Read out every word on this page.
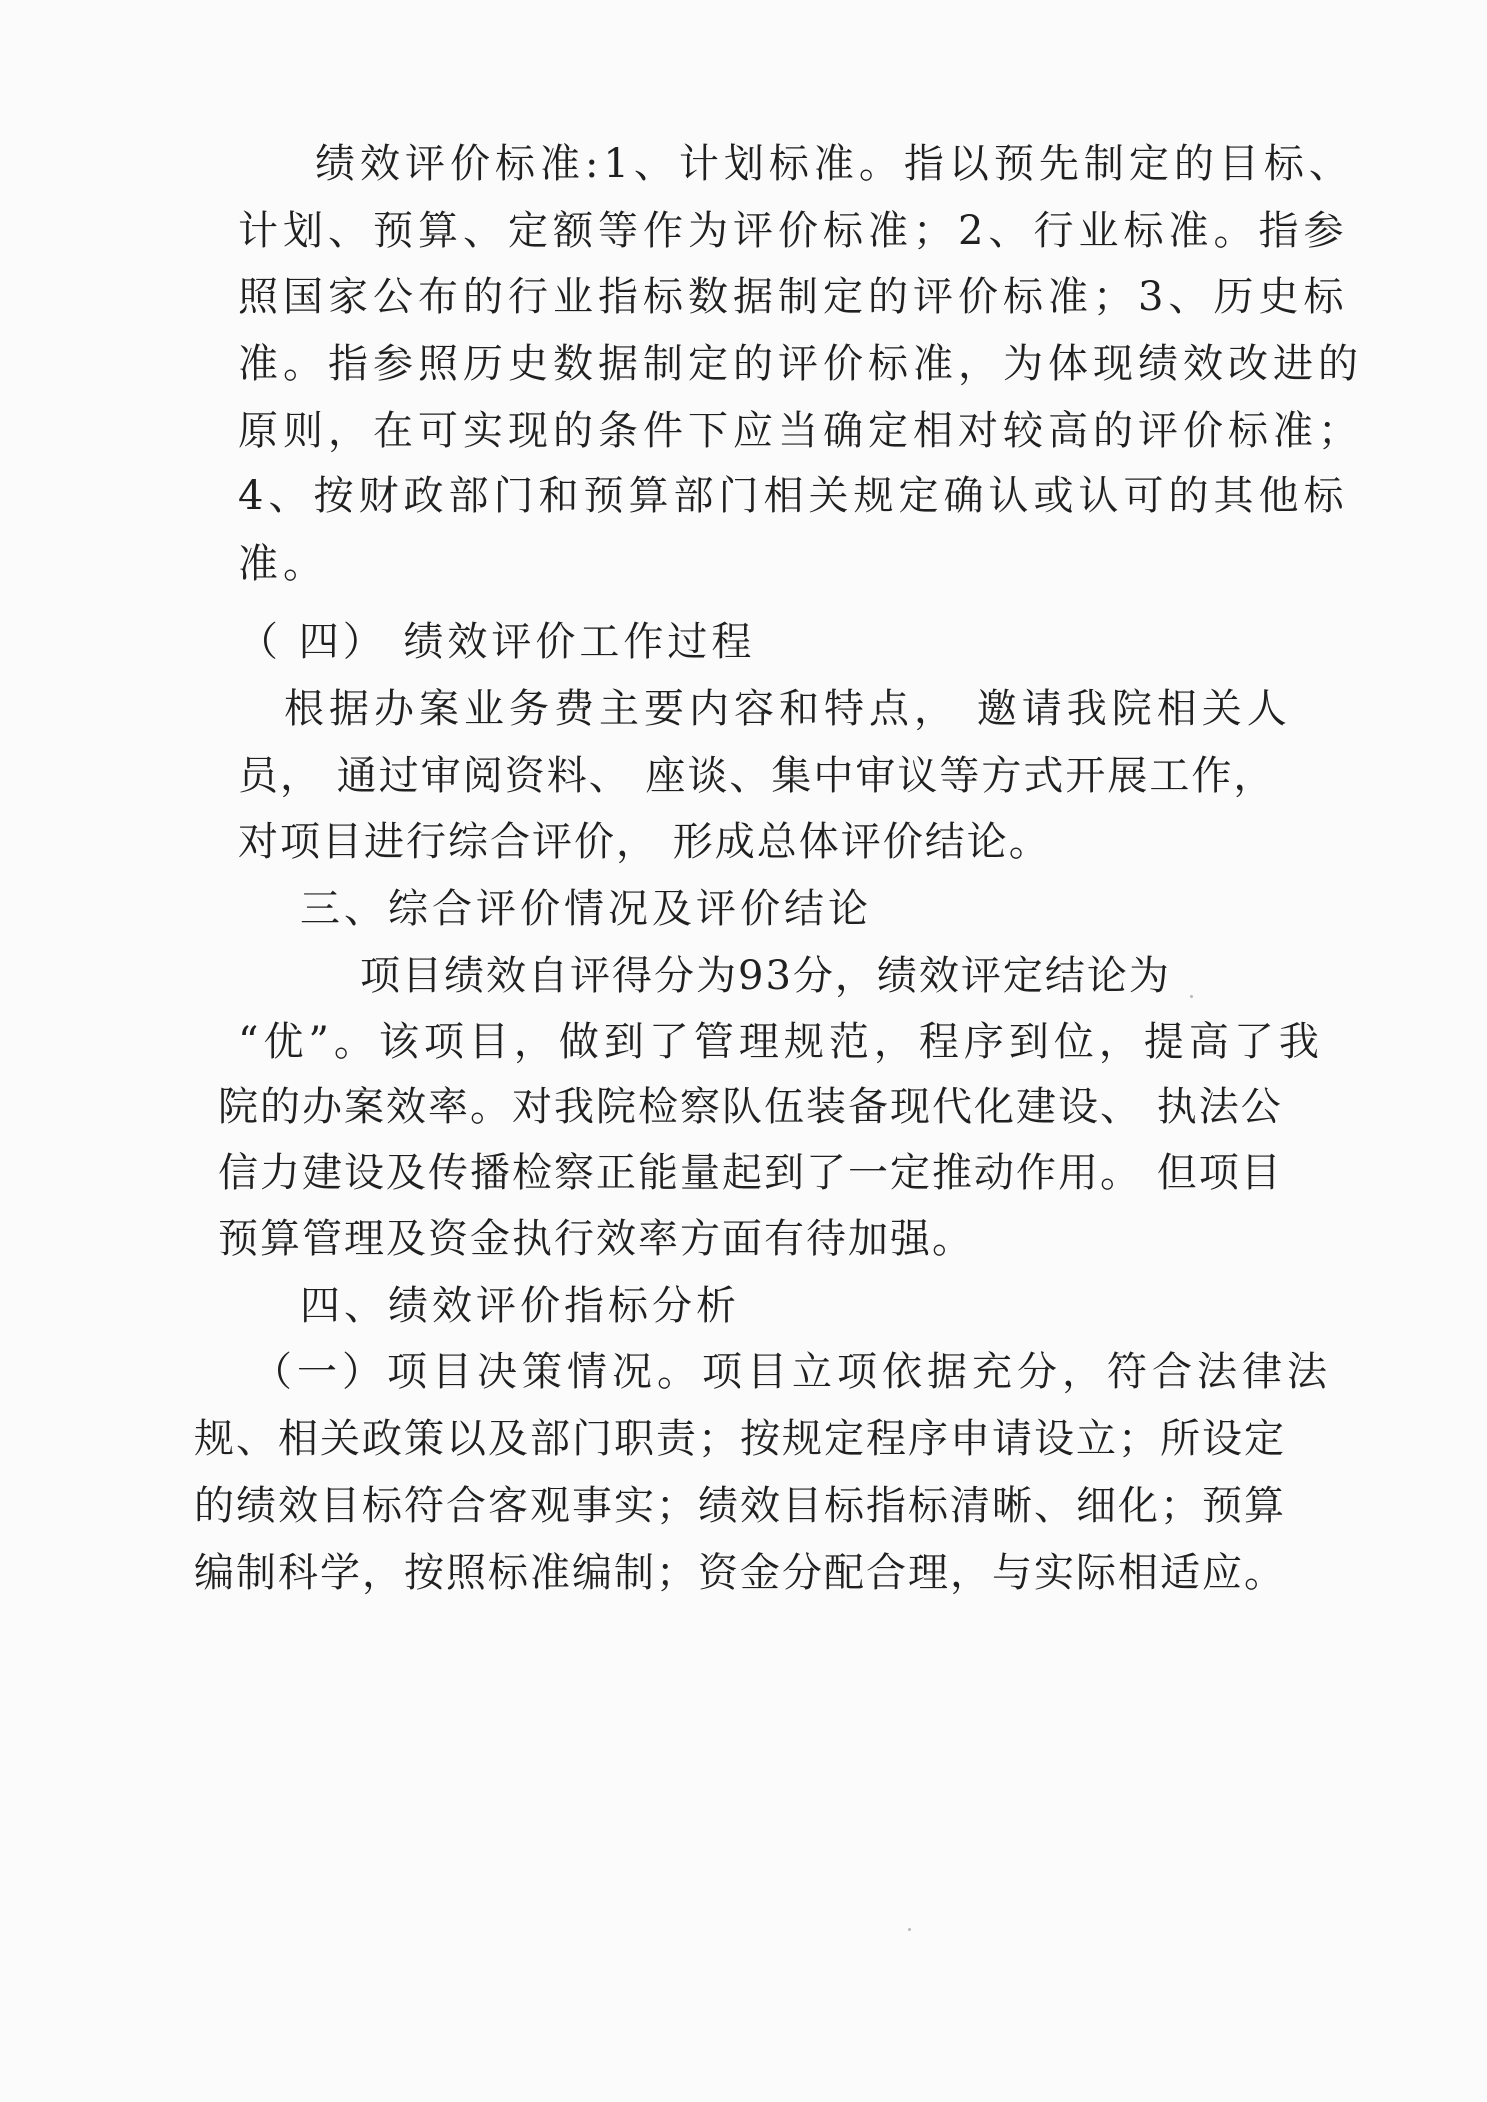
绩效评价标准:1、计划标准。指以预先制定的目标、
计划、预算、定额等作为评价标准；2、行业标准。指参
照国家公布的行业指标数据制定的评价标准；3、历史标
准。指参照历史数据制定的评价标准，为体现绩效改进的
原则，在可实现的条件下应当确定相对较高的评价标准；
4、按财政部门和预算部门相关规定确认或认可的其他标
准。
（ 四） 绩效评价工作过程
根据办案业务费主要内容和特点， 邀请我院相关人
员， 通过审阅资料、 座谈、集中审议等方式开展工作，
对项目进行综合评价， 形成总体评价结论。
三、综合评价情况及评价结论
项目绩效自评得分为93分，绩效评定结论为
“优”。该项目，做到了管理规范，程序到位，提高了我
院的办案效率。对我院检察队伍装备现代化建设、 执法公
信力建设及传播检察正能量起到了一定推动作用。 但项目
预算管理及资金执行效率方面有待加强。
四、绩效评价指标分析
（一）项目决策情况。项目立项依据充分，符合法律法
规、相关政策以及部门职责；按规定程序申请设立；所设定
的绩效目标符合客观事实；绩效目标指标清晰、细化；预算
编制科学，按照标准编制；资金分配合理，与实际相适应。
